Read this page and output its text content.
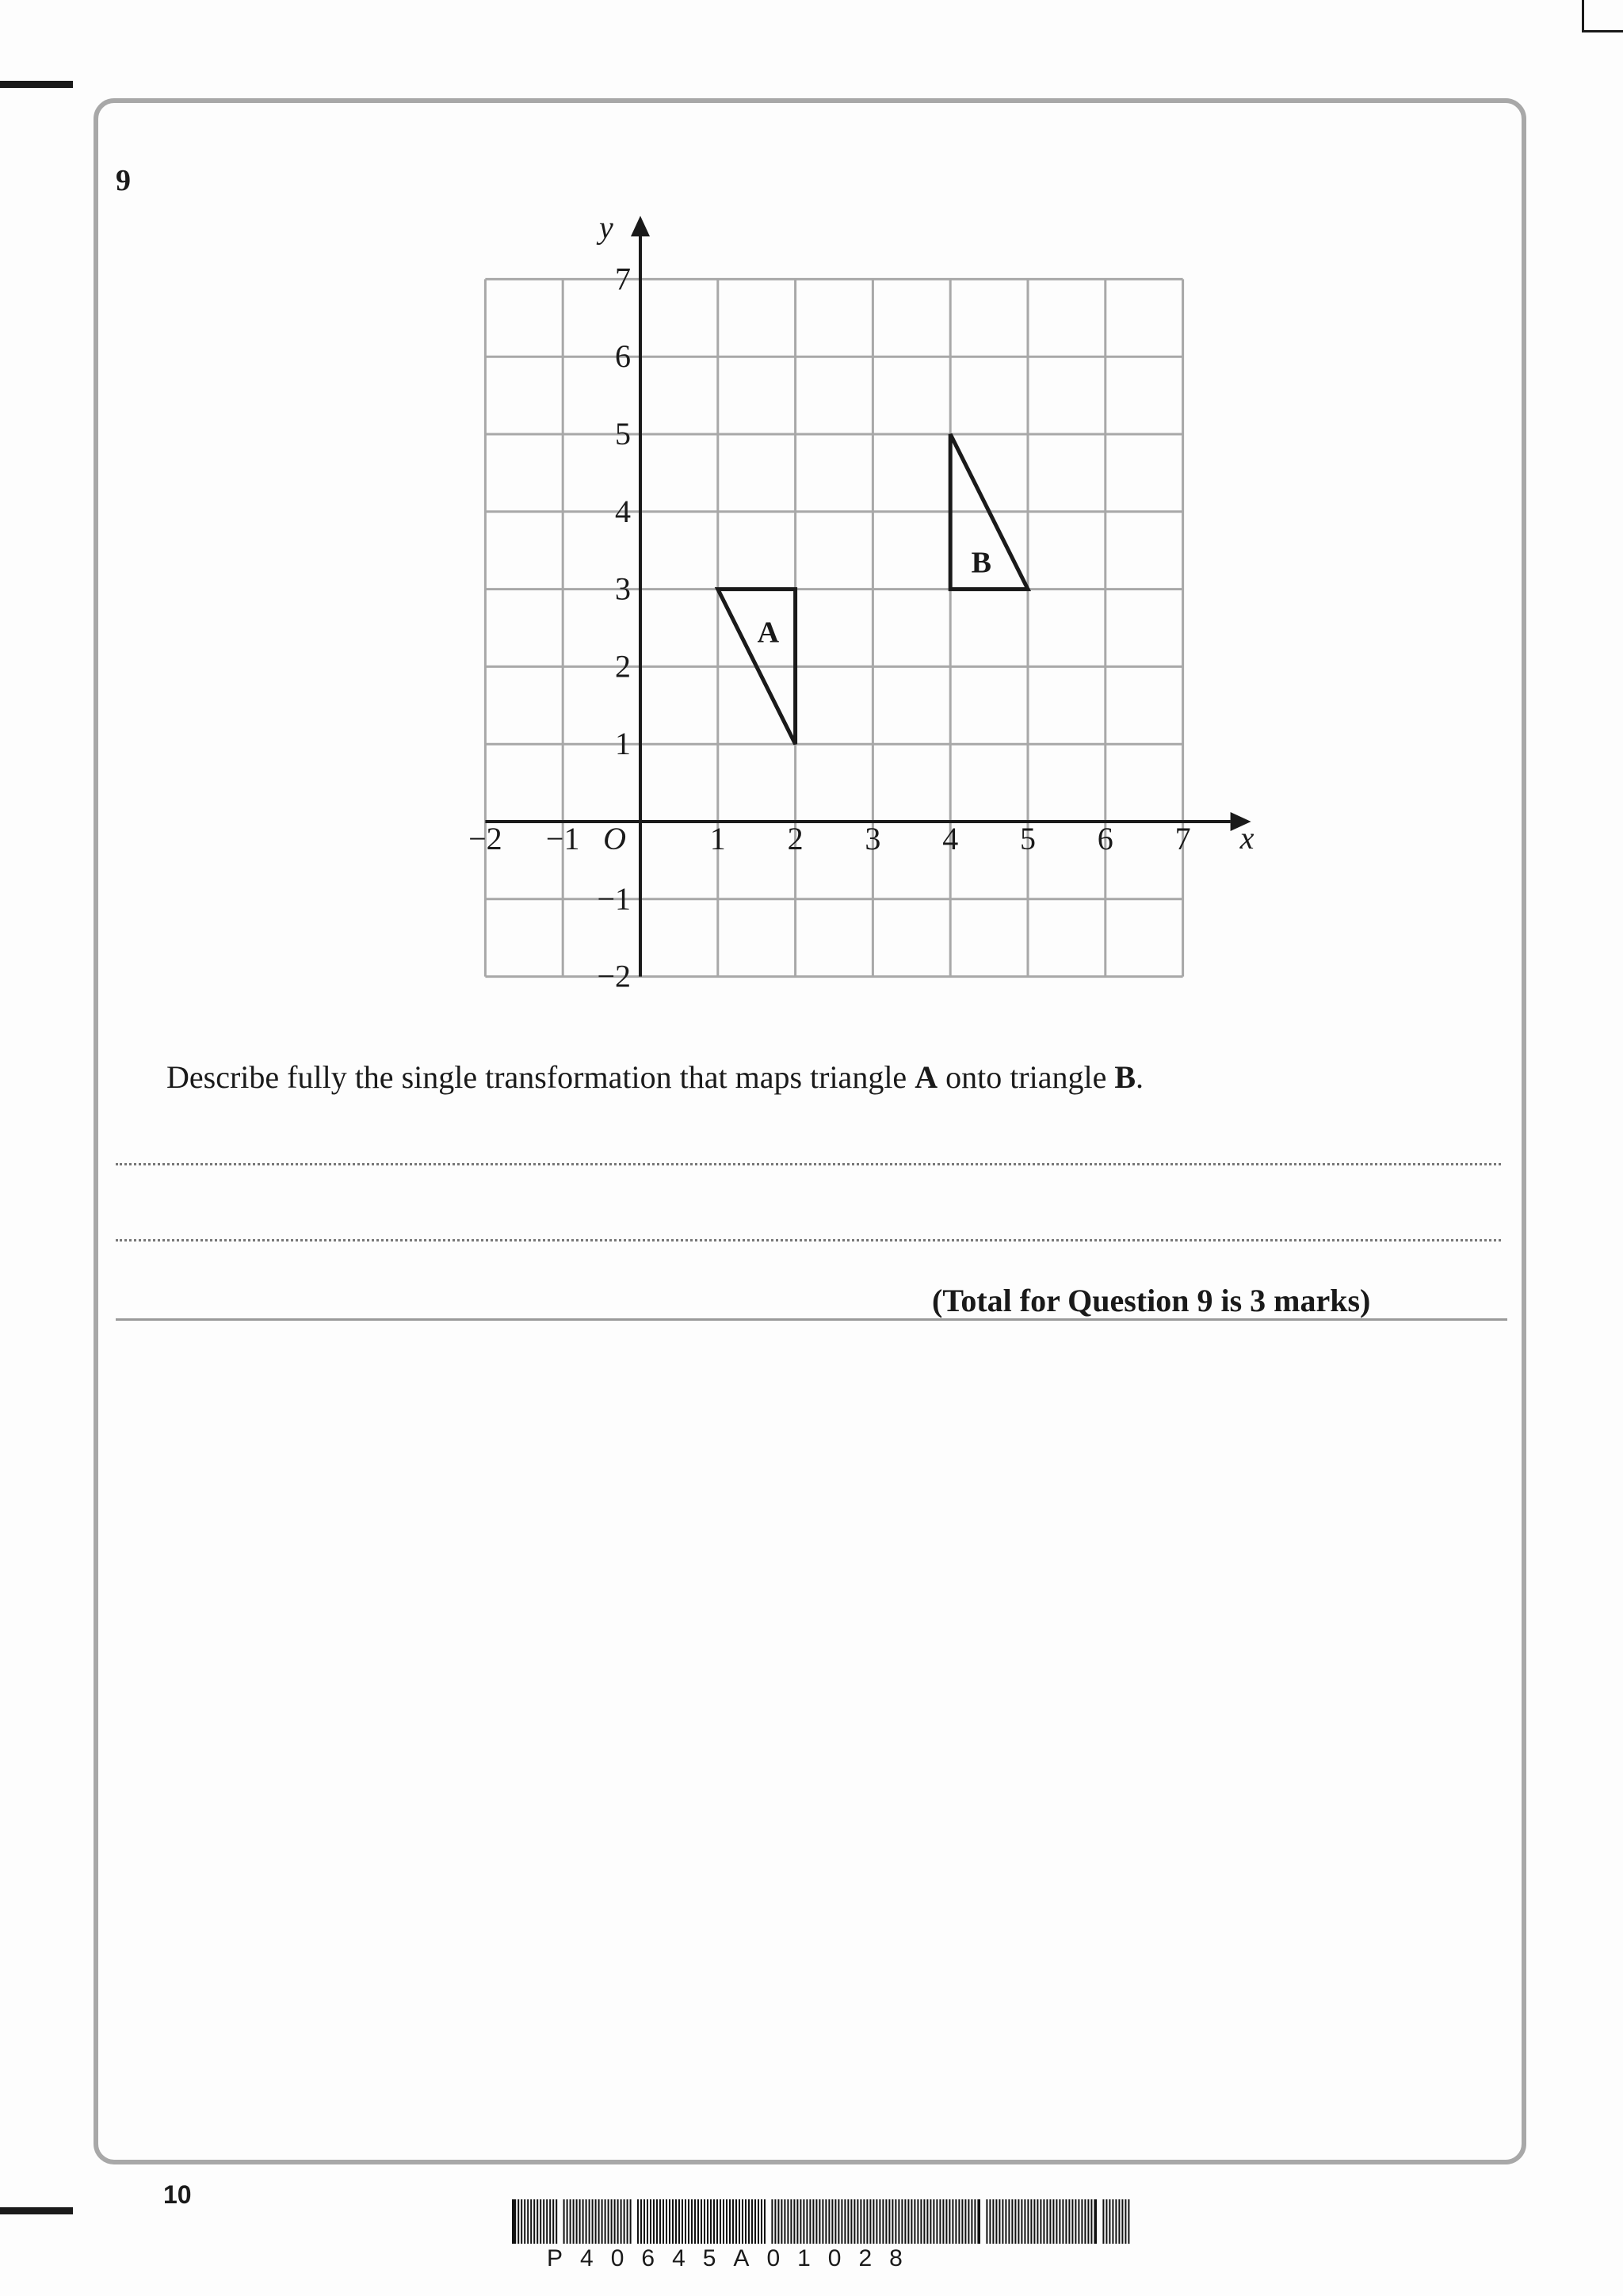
9
x
y
O
−2 −1	1 2 3 4 5 6 7
−2
−1
1
2
3
4
5
6
7
A
B
Describe fully the single transformation that maps triangle A onto triangle B.
(Total for Question 9 is 3 marks)
10
P40645A01028
